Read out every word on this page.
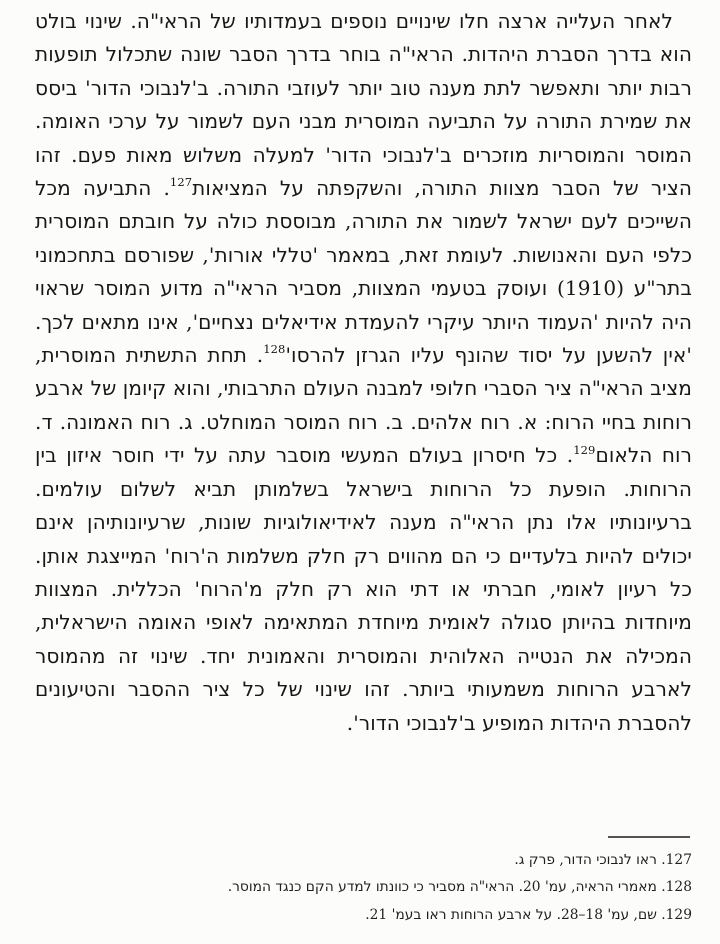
לאחר העלייה ארצה חלו שינויים נוספים בעמדותיו של הראי"ה. שינוי בולט הוא בדרך הסברת היהדות. הראי"ה בוחר בדרך הסבר שונה שתכלול תופעות רבות יותר ותאפשר לתת מענה טוב יותר לעוזבי התורה. ב'לנבוכי הדור' ביסס את שמירת התורה על התביעה המוסרית מבני העם לשמור על ערכי האומה. המוסר והמוסריות מוזכרים ב'לנבוכי הדור' למעלה משלוש מאות פעם. זהו הציר של הסבר מצוות התורה, והשקפתה על המציאות$^{127}$. התביעה מכל השייכים לעם ישראל לשמור את התורה, מבוססת כולה על חובתם המוסרית כלפי העם והאנושות. לעומת זאת, במאמר 'טללי אורות', שפורסם בתחכמוני בתר"ע (1910) ועוסק בטעמי המצוות, מסביר הראי"ה מדוע המוסר שראוי היה להיות 'העמוד היותר עיקרי להעמדת אידיאלים נצחיים', אינו מתאים לכך. 'אין להשען על יסוד שהונף עליו הגרזן $להרסו'^{128}$. תחת התשתית המוסרית, מציב הראי"ה ציר הסברי חלופי למבנה העולם התרבותי, והוא קיומן של ארבע רוחות בחיי הרוח: א. רוח אלהים. ב. רוח המוסר המוחלט. ג. רוח האמונה. ד. רוח הלאום$^{129}$. כל חיסרון בעולם המעשי מוסבר עתה על ידי חוסר איזון בין הרוחות. הופעת כל הרוחות בישראל בשלמותן תביא לשלום עולמים. ברעיונותיו אלו נתן הראי"ה מענה לאידיאולוגיות שונות, שרעיונותיהן אינם יכולים להיות בלעדיים כי הם מהווים רק חלק משלמות ה'רוח' המייצגת אותן. כל רעיון לאומי, חברתי או דתי הוא רק חלק מ'הרוח' הכללית. המצוות מיוחדות בהיותן סגולה לאומית מיוחדת המתאימה לאופי האומה הישראלית, המכילה את הנטייה האלוהית והמוסרית והאמונית יחד. שינוי זה מהמוסר לארבע הרוחות משמעותי ביותר. זהו שינוי של כל ציר ההסבר והטיעונים להסברת היהדות המופיע ב'לנבוכי הדור'.

127. ראו לנבוכי הדור, פרק ג.
128. מאמרי הראיה, עמ' 20. הראי"ה מסביר כי כוונתו למדע הקם כנגד המוסר.
129. שם, עמ' 18–28. על ארבע הרוחות ראו בעמ' 21.
